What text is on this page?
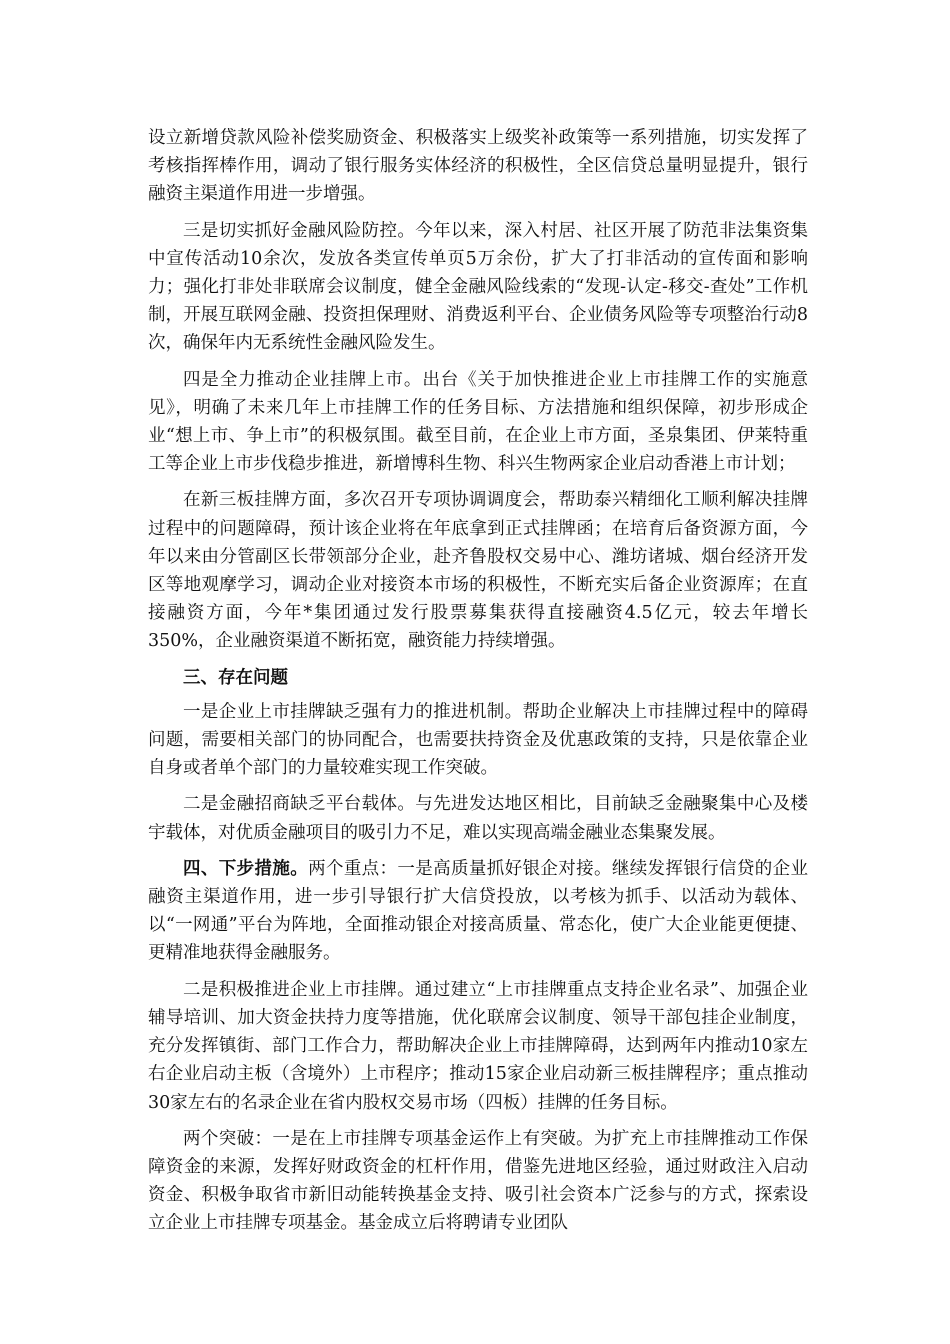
设立新增贷款风险补偿奖励资金、积极落实上级奖补政策等一系列措施，切实发挥了考核指挥棒作用，调动了银行服务实体经济的积极性，全区信贷总量明显提升，银行融资主渠道作用进一步增强。

三是切实抓好金融风险防控。今年以来，深入村居、社区开展了防范非法集资集中宣传活动10余次，发放各类宣传单页5万余份，扩大了打非活动的宣传面和影响力；强化打非处非联席会议制度，健全金融风险线索的“发现-认定-移交-查处”工作机制，开展互联网金融、投资担保理财、消费返利平台、企业债务风险等专项整治行动8次，确保年内无系统性金融风险发生。

四是全力推动企业挂牌上市。出台《关于加快推进企业上市挂牌工作的实施意见》，明确了未来几年上市挂牌工作的任务目标、方法措施和组织保障，初步形成企业“想上市、争上市”的积极氛围。截至目前，在企业上市方面，圣泉集团、伊莱特重工等企业上市步伐稳步推进，新增博科生物、科兴生物两家企业启动香港上市计划；

在新三板挂牌方面，多次召开专项协调调度会，帮助泰兴精细化工顺利解决挂牌过程中的问题障碍，预计该企业将在年底拿到正式挂牌函；在培育后备资源方面，今年以来由分管副区长带领部分企业，赴齐鲁股权交易中心、潍坊诸城、烟台经济开发区等地观摩学习，调动企业对接资本市场的积极性，不断充实后备企业资源库；在直接融资方面，今年*集团通过发行股票募集获得直接融资4.5亿元，较去年增长350%，企业融资渠道不断拓宽，融资能力持续增强。

三、存在问题

一是企业上市挂牌缺乏强有力的推进机制。帮助企业解决上市挂牌过程中的障碍问题，需要相关部门的协同配合，也需要扶持资金及优惠政策的支持，只是依靠企业自身或者单个部门的力量较难实现工作突破。

二是金融招商缺乏平台载体。与先进发达地区相比，目前缺乏金融聚集中心及楼宇载体，对优质金融项目的吸引力不足，难以实现高端金融业态集聚发展。

四、下步措施。两个重点：一是高质量抓好银企对接。继续发挥银行信贷的企业融资主渠道作用，进一步引导银行扩大信贷投放，以考核为抓手、以活动为载体、以“一网通”平台为阵地，全面推动银企对接高质量、常态化，使广大企业能更便捷、更精准地获得金融服务。

二是积极推进企业上市挂牌。通过建立“上市挂牌重点支持企业名录”、加强企业辅导培训、加大资金扶持力度等措施，优化联席会议制度、领导干部包挂企业制度，充分发挥镇街、部门工作合力，帮助解决企业上市挂牌障碍，达到两年内推动10家左右企业启动主板（含境外）上市程序；推动15家企业启动新三板挂牌程序；重点推动30家左右的名录企业在省内股权交易市场（四板）挂牌的任务目标。

两个突破：一是在上市挂牌专项基金运作上有突破。为扩充上市挂牌推动工作保障资金的来源，发挥好财政资金的杠杆作用，借鉴先进地区经验，通过财政注入启动资金、积极争取省市新旧动能转换基金支持、吸引社会资本广泛参与的方式，探索设立企业上市挂牌专项基金。基金成立后将聘请专业团队
